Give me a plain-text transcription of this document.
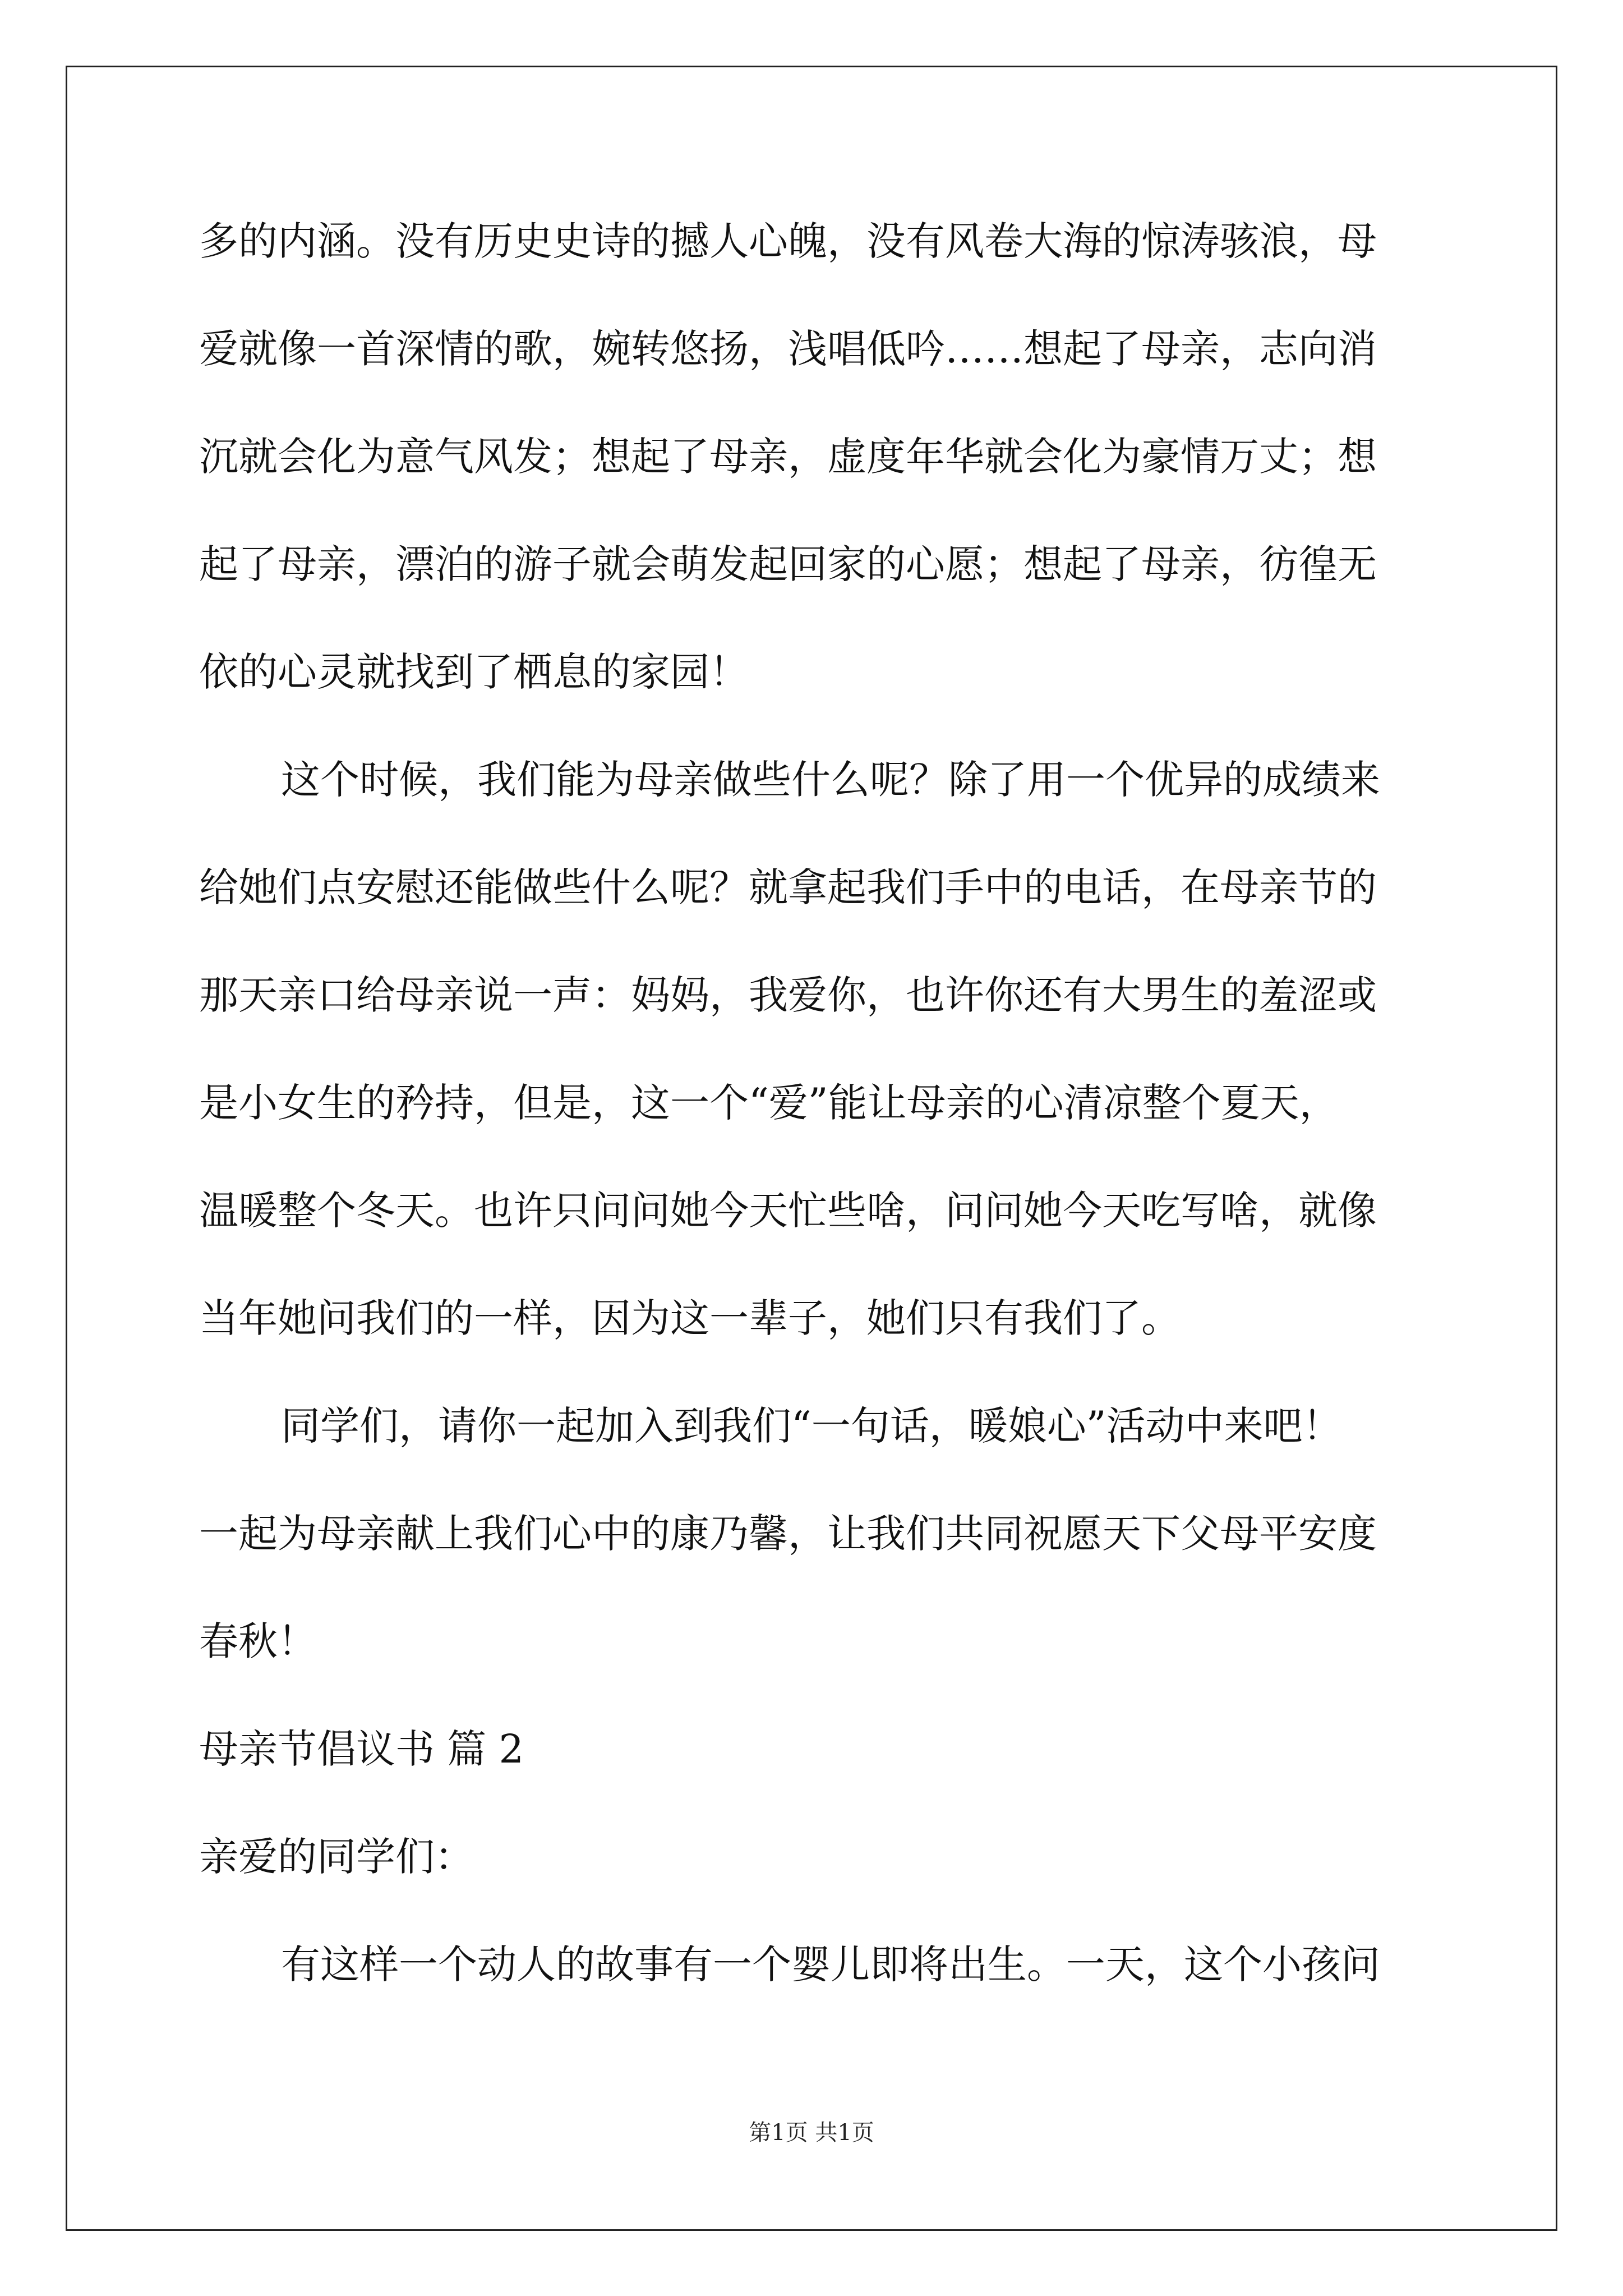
多的内涵。没有历史史诗的撼人心魄，没有风卷大海的惊涛骇浪，母
爱就像一首深情的歌，婉转悠扬，浅唱低吟……想起了母亲，志向消
沉就会化为意气风发；想起了母亲，虚度年华就会化为豪情万丈；想
起了母亲，漂泊的游子就会萌发起回家的心愿；想起了母亲，彷徨无
依的心灵就找到了栖息的家园！
这个时候，我们能为母亲做些什么呢？除了用一个优异的成绩来
给她们点安慰还能做些什么呢？就拿起我们手中的电话，在母亲节的
那天亲口给母亲说一声：妈妈，我爱你，也许你还有大男生的羞涩或
是小女生的矜持，但是，这一个“爱”能让母亲的心清凉整个夏天，
温暖整个冬天。也许只问问她今天忙些啥，问问她今天吃写啥，就像
当年她问我们的一样，因为这一辈子，她们只有我们了。
同学们，请你一起加入到我们“一句话，暖娘心”活动中来吧！
一起为母亲献上我们心中的康乃馨，让我们共同祝愿天下父母平安度
春秋！
母亲节倡议书 篇 2
亲爱的同学们：
有这样一个动人的故事有一个婴儿即将出生。一天，这个小孩问
第1页 共1页
